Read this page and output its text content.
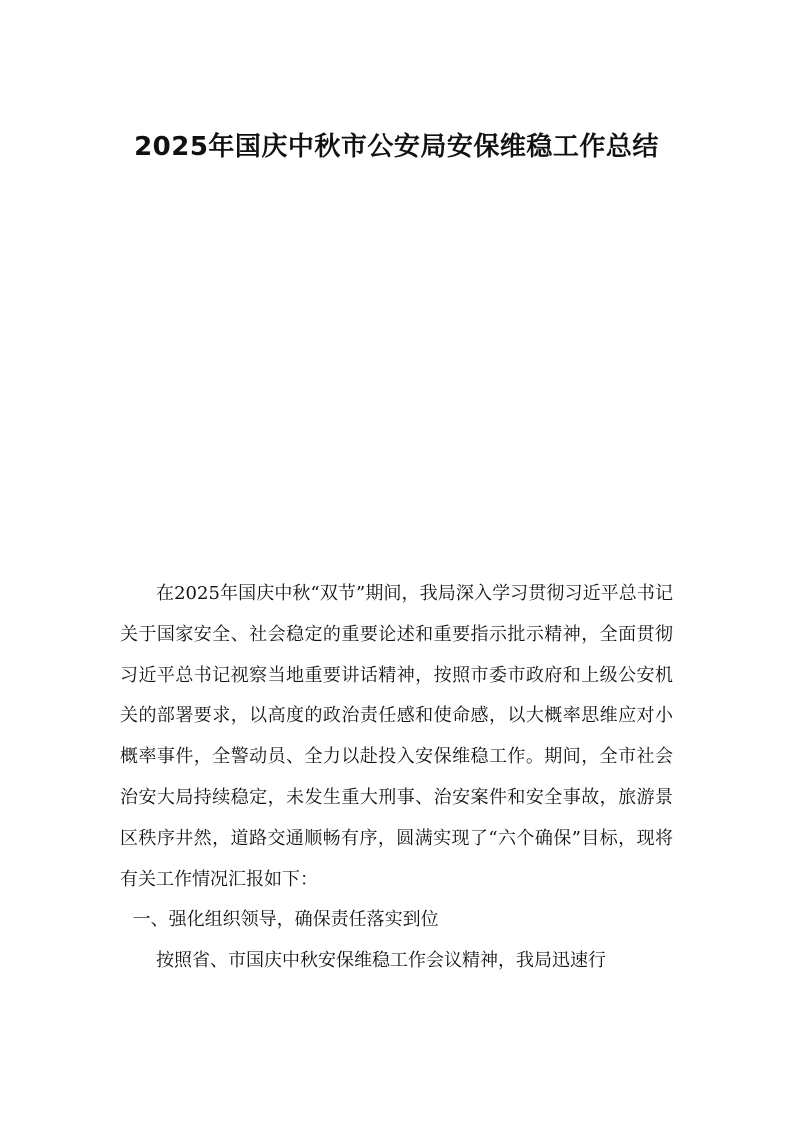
2025年国庆中秋市公安局安保维稳工作总结

在2025年国庆中秋“双节”期间，我局深入学习贯彻习近平总书记关于国家安全、社会稳定的重要论述和重要指示批示精神，全面贯彻习近平总书记视察当地重要讲话精神，按照市委市政府和上级公安机关的部署要求，以高度的政治责任感和使命感，以大概率思维应对小概率事件，全警动员、全力以赴投入安保维稳工作。期间，全市社会治安大局持续稳定，未发生重大刑事、治安案件和安全事故，旅游景区秩序井然，道路交通顺畅有序，圆满实现了“六个确保”目标，现将有关工作情况汇报如下：

一、强化组织领导，确保责任落实到位

按照省、市国庆中秋安保维稳工作会议精神，我局迅速行
